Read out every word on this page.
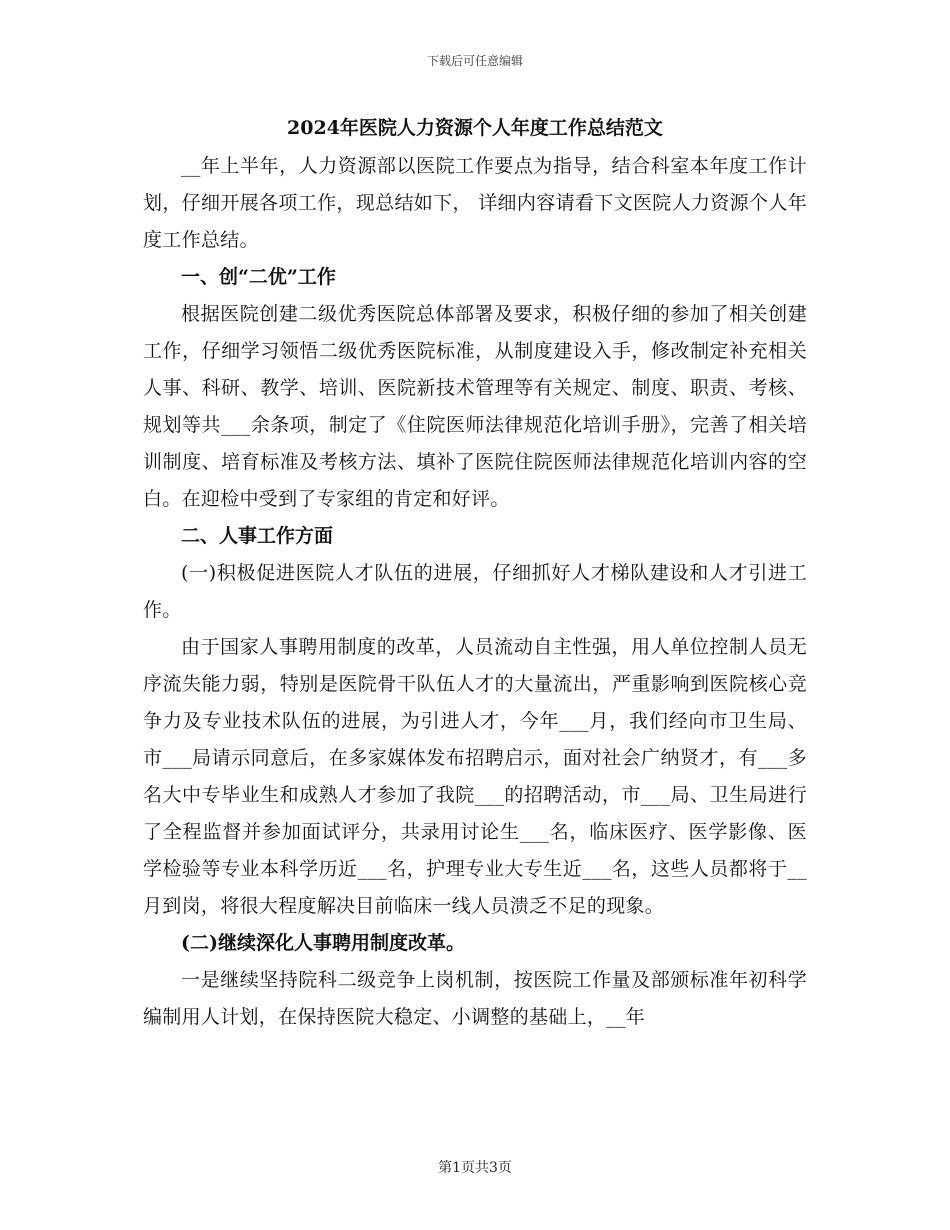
下载后可任意编辑
2024年医院人力资源个人年度工作总结范文

__年上半年，人力资源部以医院工作要点为指导，结合科室本年度工作计划，仔细开展各项工作，现总结如下， 详细内容请看下文医院人力资源个人年度工作总结。

一、创“二优”工作

根据医院创建二级优秀医院总体部署及要求，积极仔细的参加了相关创建工作，仔细学习领悟二级优秀医院标准，从制度建设入手，修改制定补充相关人事、科研、教学、培训、医院新技术管理等有关规定、制度、职责、考核、规划等共___余条项，制定了《住院医师法律规范化培训手册》，完善了相关培训制度、培育标准及考核方法、填补了医院住院医师法律规范化培训内容的空白。在迎检中受到了专家组的肯定和好评。

二、人事工作方面

(一)积极促进医院人才队伍的进展，仔细抓好人才梯队建设和人才引进工作。

由于国家人事聘用制度的改革，人员流动自主性强，用人单位控制人员无序流失能力弱，特别是医院骨干队伍人才的大量流出，严重影响到医院核心竞争力及专业技术队伍的进展，为引进人才，今年___月，我们经向市卫生局、市___局请示同意后，在多家媒体发布招聘启示，面对社会广纳贤才，有___多名大中专毕业生和成熟人才参加了我院___的招聘活动，市___局、卫生局进行了全程监督并参加面试评分，共录用讨论生___名，临床医疗、医学影像、医学检验等专业本科学历近___名，护理专业大专生近___名，这些人员都将于__月到岗，将很大程度解决目前临床一线人员溃乏不足的现象。

(二)继续深化人事聘用制度改革。

一是继续坚持院科二级竞争上岗机制，按医院工作量及部颁标准年初科学编制用人计划，在保持医院大稳定、小调整的基础上，__年

第1页共3页
